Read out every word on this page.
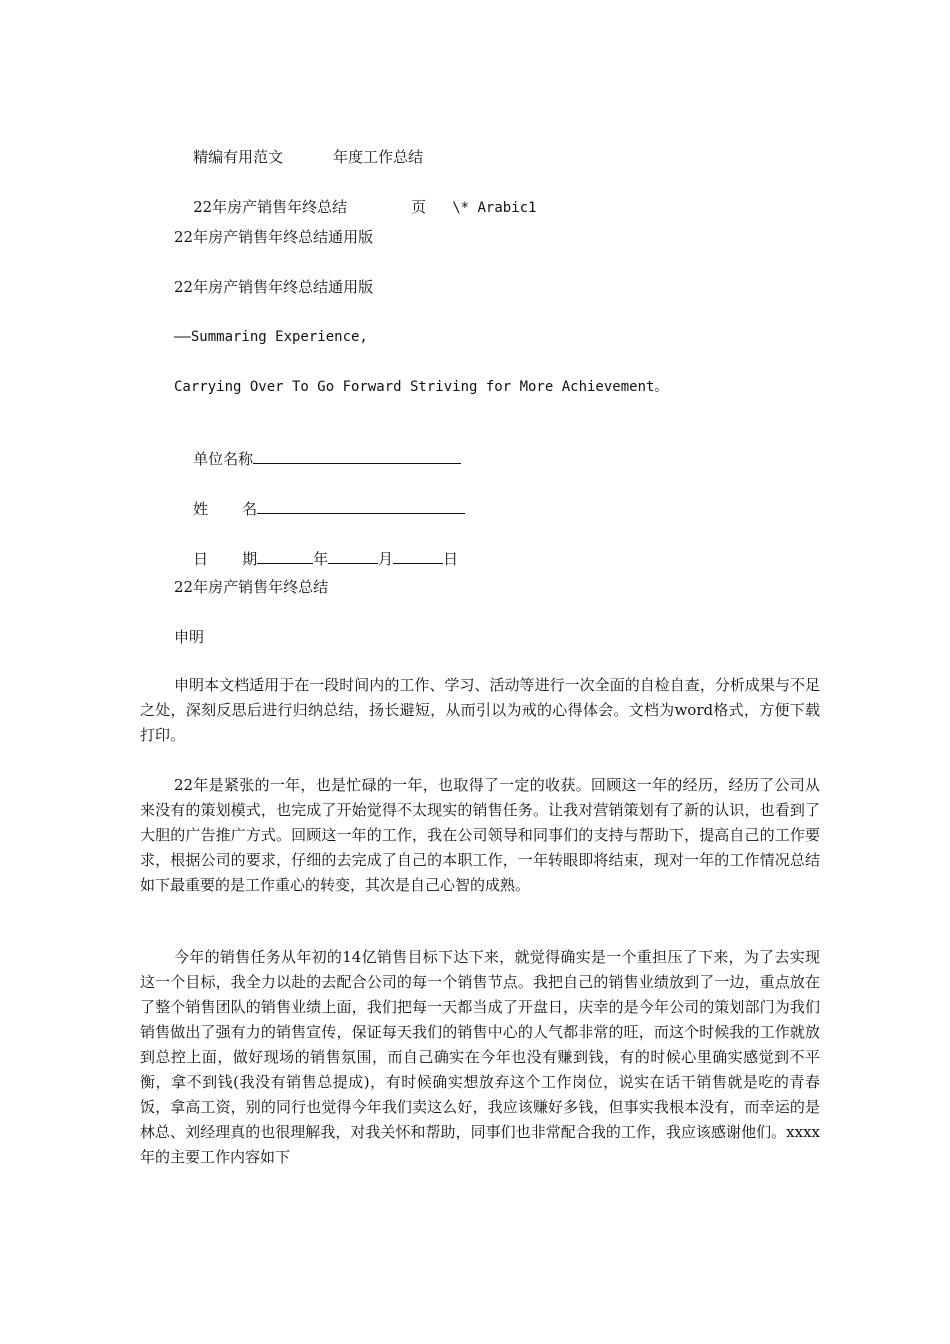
精编有用范文	年度工作总结

22年房产销售年终总结	页 \* Arabic1

22年房产销售年终总结通用版
22年房产销售年终总结通用版
——Summaring Experience,
Carrying Over To Go Forward Striving for More Achievement。

单位名称

姓 名

日 期	年	月	日

22年房产销售年终总结
申明
申明本文档适用于在一段时间内的工作、学习、活动等进行一次全面的自检自查，分析成果与不足之处，深刻反思后进行归纳总结，扬长避短，从而引以为戒的心得体会。文档为word格式，方便下载打印。
22年是紧张的一年，也是忙碌的一年，也取得了一定的收获。回顾这一年的经历，经历了公司从来没有的策划模式，也完成了开始觉得不太现实的销售任务。让我对营销策划有了新的认识，也看到了大胆的广告推广方式。回顾这一年的工作，我在公司领导和同事们的支持与帮助下，提高自己的工作要求，根据公司的要求，仔细的去完成了自己的本职工作，一年转眼即将结束，现对一年的工作情况总结如下最重要的是工作重心的转变，其次是自己心智的成熟。
今年的销售任务从年初的14亿销售目标下达下来，就觉得确实是一个重担压了下来，为了去实现这一个目标，我全力以赴的去配合公司的每一个销售节点。我把自己的销售业绩放到了一边，重点放在了整个销售团队的销售业绩上面，我们把每一天都当成了开盘日，庆幸的是今年公司的策划部门为我们销售做出了强有力的销售宣传，保证每天我们的销售中心的人气都非常的旺，而这个时候我的工作就放到总控上面，做好现场的销售氛围，而自己确实在今年也没有赚到钱，有的时候心里确实感觉到不平衡，拿不到钱(我没有销售总提成)，有时候确实想放弃这个工作岗位，说实在话干销售就是吃的青春饭，拿高工资，别的同行也觉得今年我们卖这么好，我应该赚好多钱，但事实我根本没有，而幸运的是林总、刘经理真的也很理解我，对我关怀和帮助，同事们也非常配合我的工作，我应该感谢他们。xxxx年的主要工作内容如下
